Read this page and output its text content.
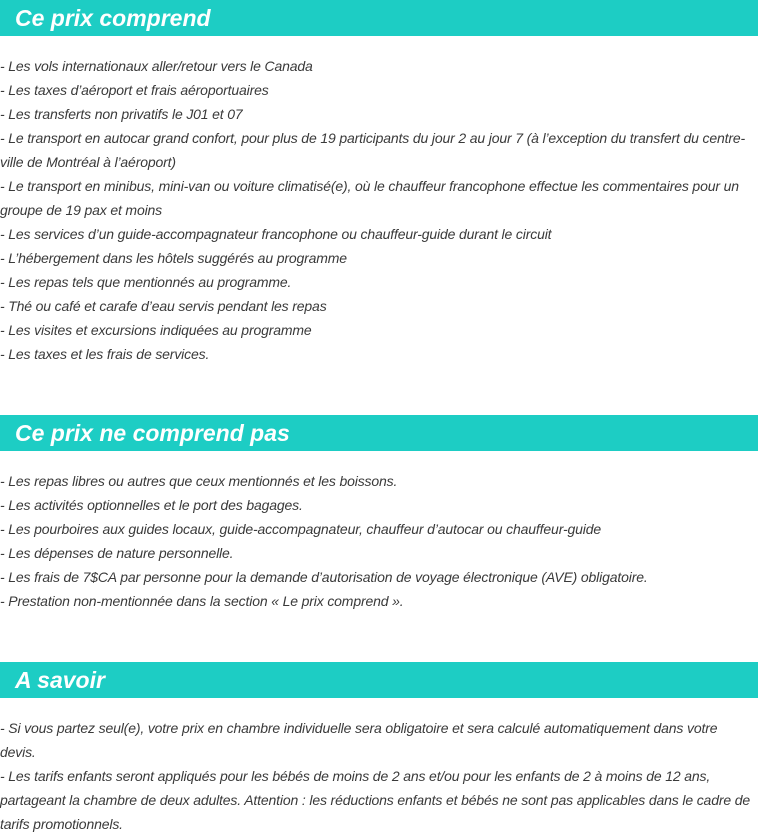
Ce prix comprend
- Les vols internationaux aller/retour vers le Canada
- Les taxes d’aéroport et frais aéroportuaires
- Les transferts non privatifs le J01 et 07
- Le transport en autocar grand confort, pour plus de 19 participants du jour 2 au jour 7 (à l’exception du transfert du centre-ville de Montréal à l’aéroport)
- Le transport en minibus, mini-van ou voiture climatisé(e), où le chauffeur francophone effectue les commentaires pour un groupe de 19 pax et moins
- Les services d’un guide-accompagnateur francophone ou chauffeur-guide durant le circuit
- L’hébergement dans les hôtels suggérés au programme
- Les repas tels que mentionnés au programme.
- Thé ou café et carafe d’eau servis pendant les repas
- Les visites et excursions indiquées au programme
- Les taxes et les frais de services.
Ce prix ne comprend pas
- Les repas libres ou autres que ceux mentionnés et les boissons.
- Les activités optionnelles et le port des bagages.
- Les pourboires aux guides locaux, guide-accompagnateur, chauffeur d’autocar ou chauffeur-guide
- Les dépenses de nature personnelle.
- Les frais de 7$CA par personne pour la demande d’autorisation de voyage électronique (AVE) obligatoire.
- Prestation non-mentionnée dans la section « Le prix comprend ».
A savoir
- Si vous partez seul(e), votre prix en chambre individuelle sera obligatoire et sera calculé automatiquement dans votre devis.
- Les tarifs enfants seront appliqués pour les bébés de moins de 2 ans et/ou pour les enfants de 2 à moins de 12 ans, partageant la chambre de deux adultes. Attention : les réductions enfants et bébés ne sont pas applicables dans le cadre de tarifs promotionnels.
